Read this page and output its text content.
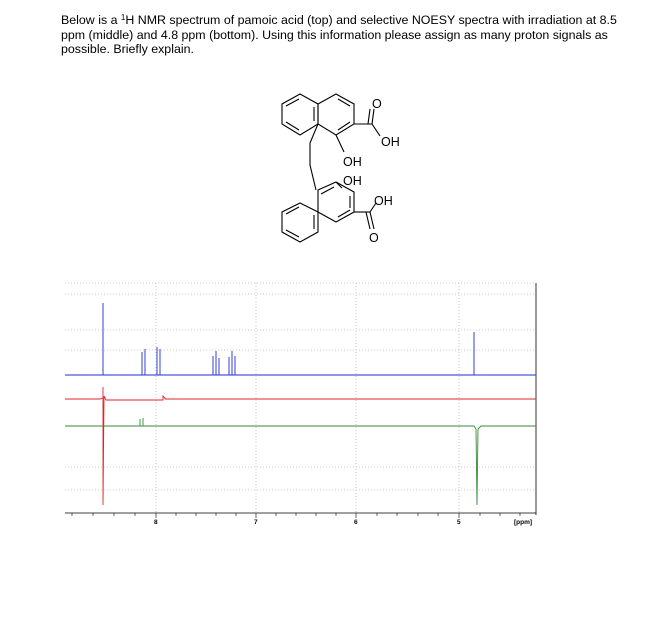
Below is a $^1$H NMR spectrum of pamoic acid (top) and selective NOESY spectra with irradiation at 8.5 ppm (middle) and 4.8 ppm (bottom). Using this information please assign as many proton signals as possible. Briefly explain.
O
OH
OH
OH
OH
O
8	7	6	5	[ppm]
